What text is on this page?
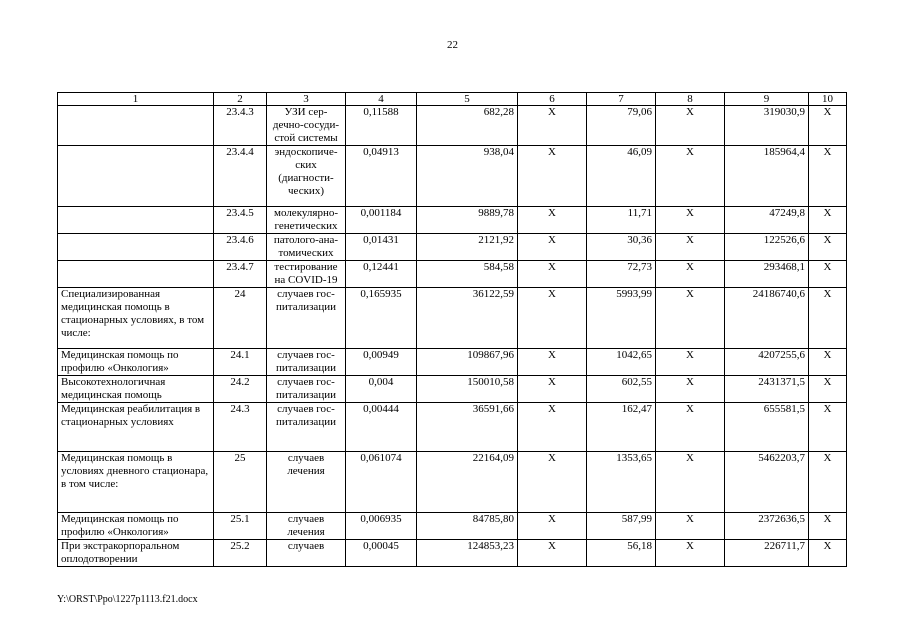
22
1	2	3	4	5	6	7	8	9	10
	23.4.3	УЗИ сер-дечно-сосуди-стой системы	0,11588	682,28	Х	79,06	Х	319030,9	Х
	23.4.4	эндоскопиче-ских (диагности-ческих)	0,04913	938,04	Х	46,09	Х	185964,4	Х
	23.4.5	молекулярно-генетических	0,001184	9889,78	Х	11,71	Х	47249,8	Х
	23.4.6	патолого-ана-томических	0,01431	2121,92	Х	30,36	Х	122526,6	Х
	23.4.7	тестирование на COVID-19	0,12441	584,58	Х	72,73	Х	293468,1	Х
Специализированная медицинская помощь в стационарных условиях, в том числе:	24	случаев гос-питализации	0,165935	36122,59	Х	5993,99	Х	24186740,6	Х
Медицинская помощь по профилю «Онкология»	24.1	случаев гос-питализации	0,00949	109867,96	Х	1042,65	Х	4207255,6	Х
Высокотехнологичная медицинская помощь	24.2	случаев гос-питализации	0,004	150010,58	Х	602,55	Х	2431371,5	Х
Медицинская реабилитация в стационарных условиях	24.3	случаев гос-питализации	0,00444	36591,66	Х	162,47	Х	655581,5	Х
Медицинская помощь в условиях дневного стационара, в том числе:	25	случаев лечения	0,061074	22164,09	Х	1353,65	Х	5462203,7	Х
Медицинская помощь по профилю «Онкология»	25.1	случаев лечения	0,006935	84785,80	Х	587,99	Х	2372636,5	Х
При экстракорпоральном оплодотворении	25.2	случаев	0,00045	124853,23	Х	56,18	Х	226711,7	Х
Y:\ORST\Ppo\1227p1113.f21.docx
